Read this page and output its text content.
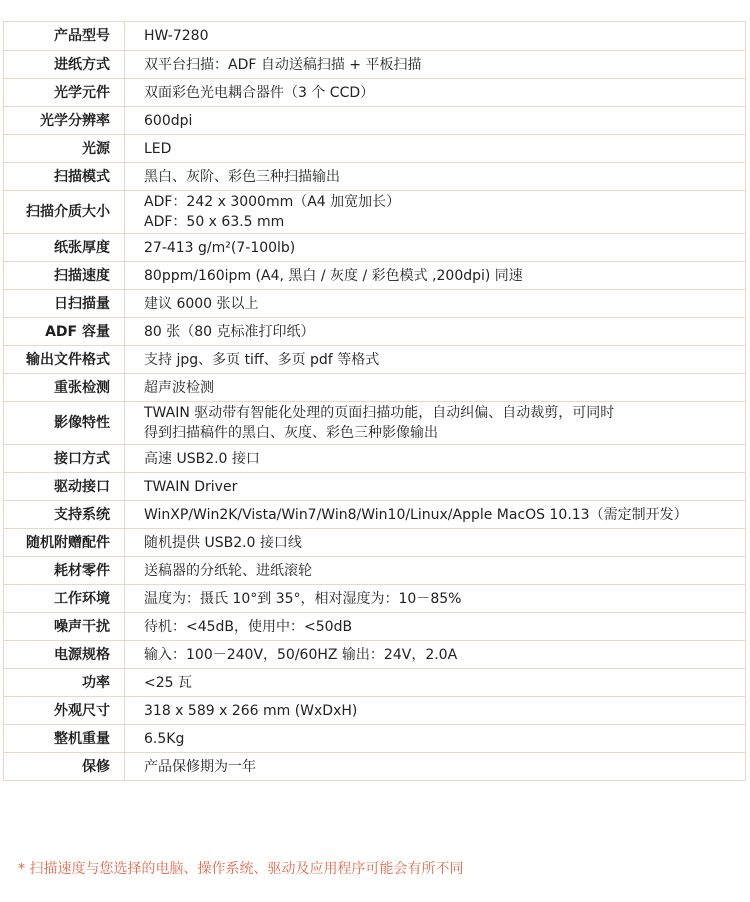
产品型号	HW-7280

进纸方式	双平台扫描：ADF 自动送稿扫描 + 平板扫描

光学元件	双面彩色光电耦合器件（3 个 CCD）

光学分辨率	600dpi

光源	LED

扫描模式	黑白、灰阶、彩色三种扫描输出

扫描介质大小	ADF：242 x 3000mm（A4 加宽加长）
ADF：50 x 63.5 mm

纸张厚度	27-413 g/m²(7-100lb)

扫描速度	80ppm/160ipm (A4, 黑白 / 灰度 / 彩色模式 ,200dpi) 同速

日扫描量	建议 6000 张以上

ADF 容量	80 张（80 克标准打印纸）

输出文件格式	支持 jpg、多页 tiff、多页 pdf 等格式

重张检测	超声波检测

影像特性	TWAIN 驱动带有智能化处理的页面扫描功能，自动纠偏、自动裁剪，可同时
得到扫描稿件的黑白、灰度、彩色三种影像输出

接口方式	高速 USB2.0 接口

驱动接口	TWAIN Driver

支持系统	WinXP/Win2K/Vista/Win7/Win8/Win10/Linux/Apple MacOS 10.13（需定制开发）

随机附赠配件	随机提供 USB2.0 接口线

耗材零件	送稿器的分纸轮、进纸滚轮

工作环境	温度为：摄氏 10°到 35°，相对湿度为：10－85%

噪声干扰	待机：<45dB，使用中：<50dB

电源规格	输入：100－240V，50/60HZ 输出：24V，2.0A

功率	<25 瓦

外观尺寸	318 x 589 x 266 mm (WxDxH)

整机重量	6.5Kg

保修	产品保修期为一年
* 扫描速度与您选择的电脑、操作系统、驱动及应用程序可能会有所不同
